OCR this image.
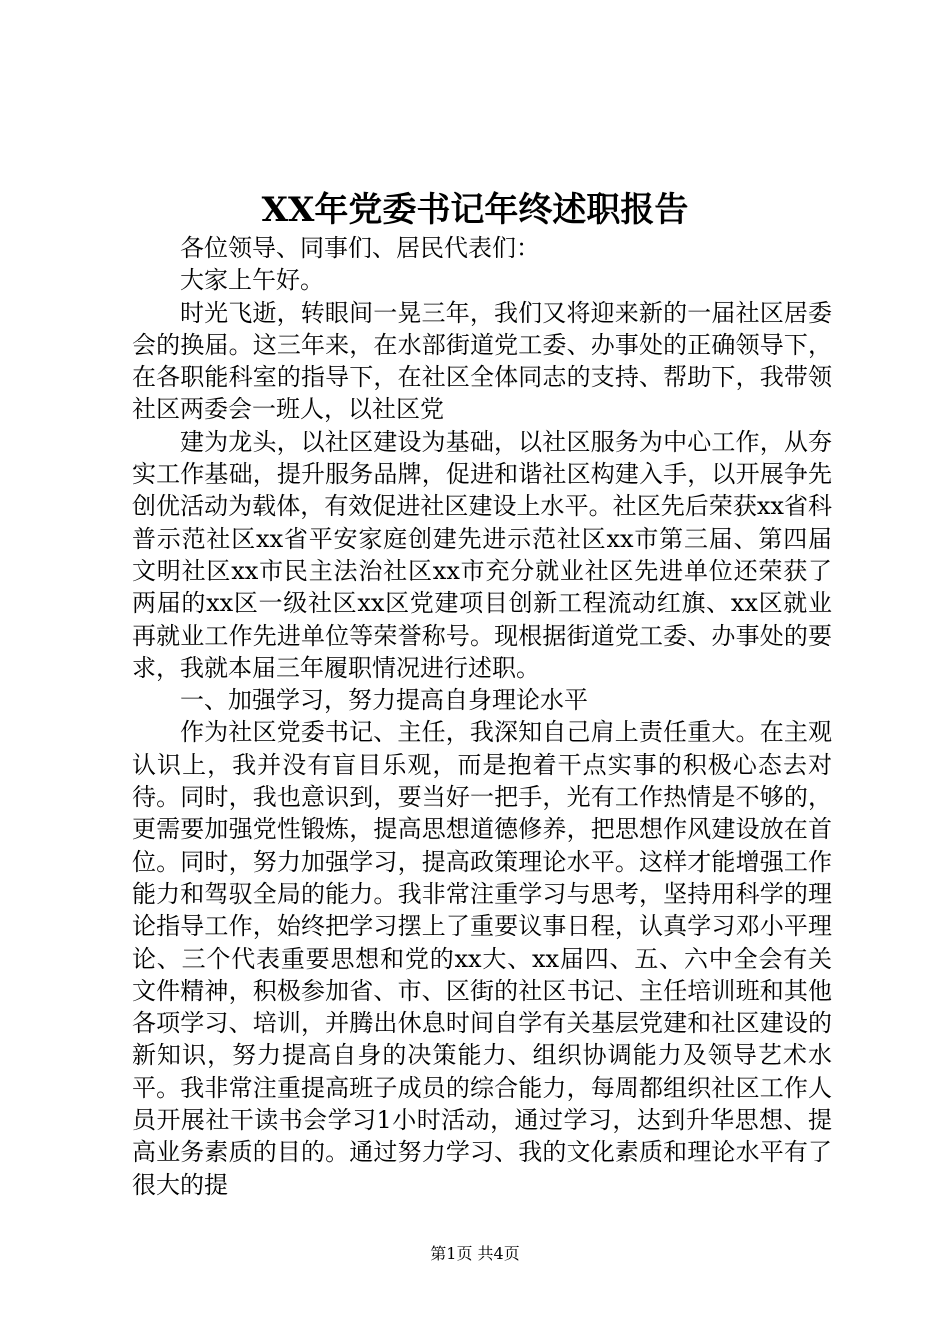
XX年党委书记年终述职报告

各位领导、同事们、居民代表们：

大家上午好。

时光飞逝，转眼间一晃三年，我们又将迎来新的一届社区居委会的换届。这三年来，在水部街道党工委、办事处的正确领导下，在各职能科室的指导下，在社区全体同志的支持、帮助下，我带领社区两委会一班人，以社区党

建为龙头，以社区建设为基础，以社区服务为中心工作，从夯实工作基础，提升服务品牌，促进和谐社区构建入手，以开展争先创优活动为载体，有效促进社区建设上水平。社区先后荣获xx省科普示范社区xx省平安家庭创建先进示范社区xx市第三届、第四届文明社区xx市民主法治社区xx市充分就业社区先进单位还荣获了两届的xx区一级社区xx区党建项目创新工程流动红旗、xx区就业再就业工作先进单位等荣誉称号。现根据街道党工委、办事处的要求，我就本届三年履职情况进行述职。

一、加强学习，努力提高自身理论水平

作为社区党委书记、主任，我深知自己肩上责任重大。在主观认识上，我并没有盲目乐观，而是抱着干点实事的积极心态去对待。同时，我也意识到，要当好一把手，光有工作热情是不够的，更需要加强党性锻炼，提高思想道德修养，把思想作风建设放在首位。同时，努力加强学习，提高政策理论水平。这样才能增强工作能力和驾驭全局的能力。我非常注重学习与思考，坚持用科学的理论指导工作，始终把学习摆上了重要议事日程，认真学习邓小平理论、三个代表重要思想和党的xx大、xx届四、五、六中全会有关文件精神，积极参加省、市、区街的社区书记、主任培训班和其他各项学习、培训，并腾出休息时间自学有关基层党建和社区建设的新知识，努力提高自身的决策能力、组织协调能力及领导艺术水平。我非常注重提高班子成员的综合能力，每周都组织社区工作人员开展社干读书会学习1小时活动，通过学习，达到升华思想、提高业务素质的目的。通过努力学习、我的文化素质和理论水平有了很大的提

第1页 共4页
